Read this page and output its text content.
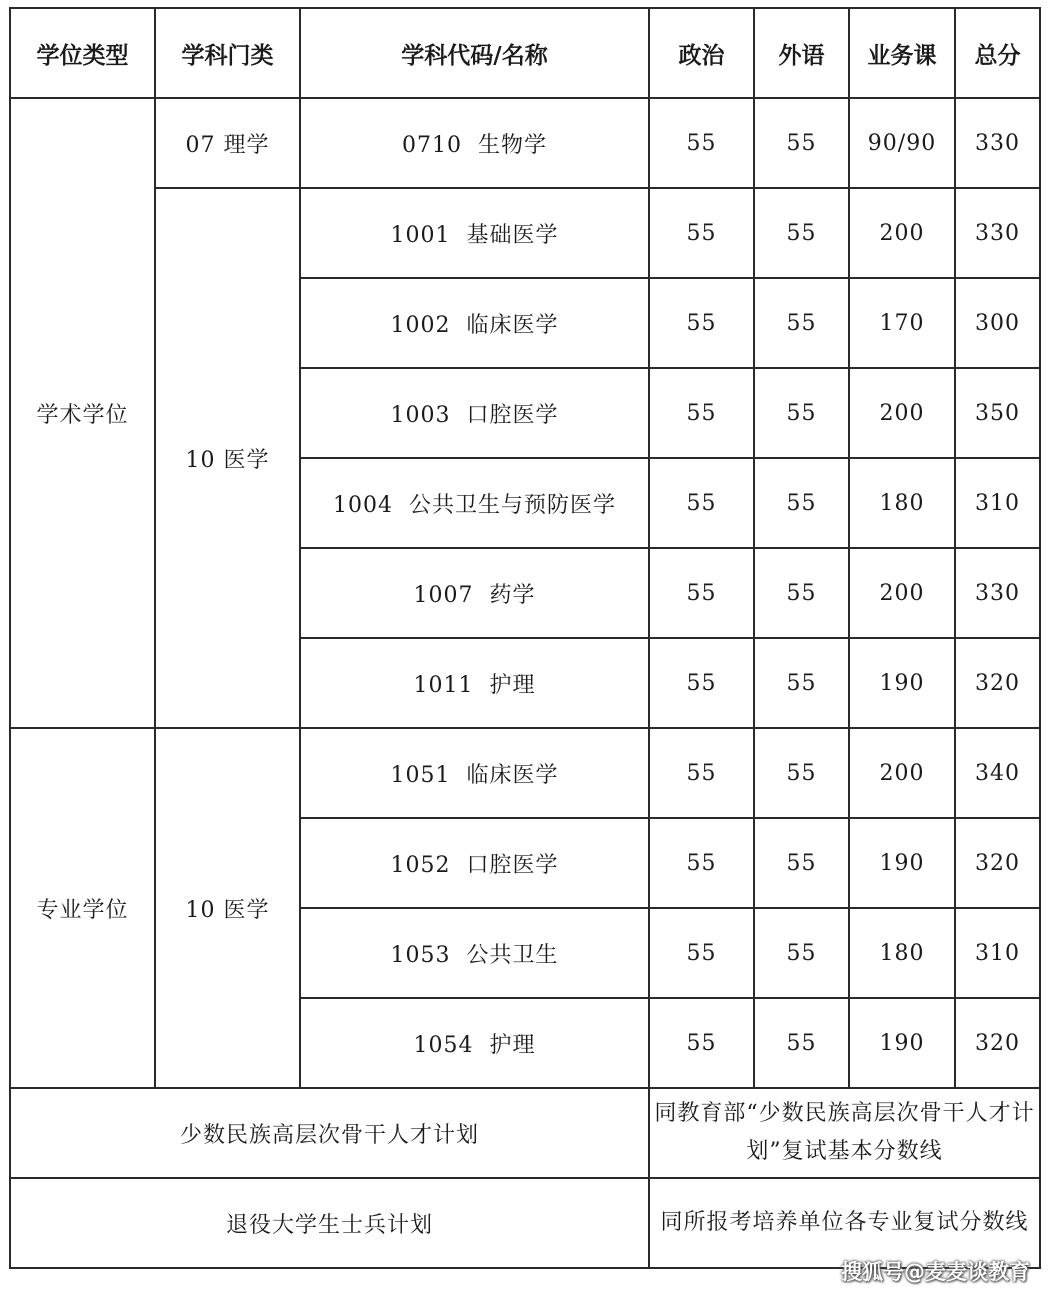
学位类型	学科门类	学科代码/名称	政治	外语	业务课	总分
学术学位	07 理学	0710 生物学	55	55	90/90	330
	10 医学	1001 基础医学	55	55	200	330
		1002 临床医学	55	55	170	300
		1003 口腔医学	55	55	200	350
		1004 公共卫生与预防医学	55	55	180	310
		1007 药学	55	55	200	330
		1011 护理	55	55	190	320
专业学位	10 医学	1051 临床医学	55	55	200	340
		1052 口腔医学	55	55	190	320
		1053 公共卫生	55	55	180	310
		1054 护理	55	55	190	320
少数民族高层次骨干人才计划			同教育部“少数民族高层次骨干人才计划”复试基本分数线			
退役大学生士兵计划			同所报考培养单位各专业复试分数线			
搜狐号@麦麦谈教育
